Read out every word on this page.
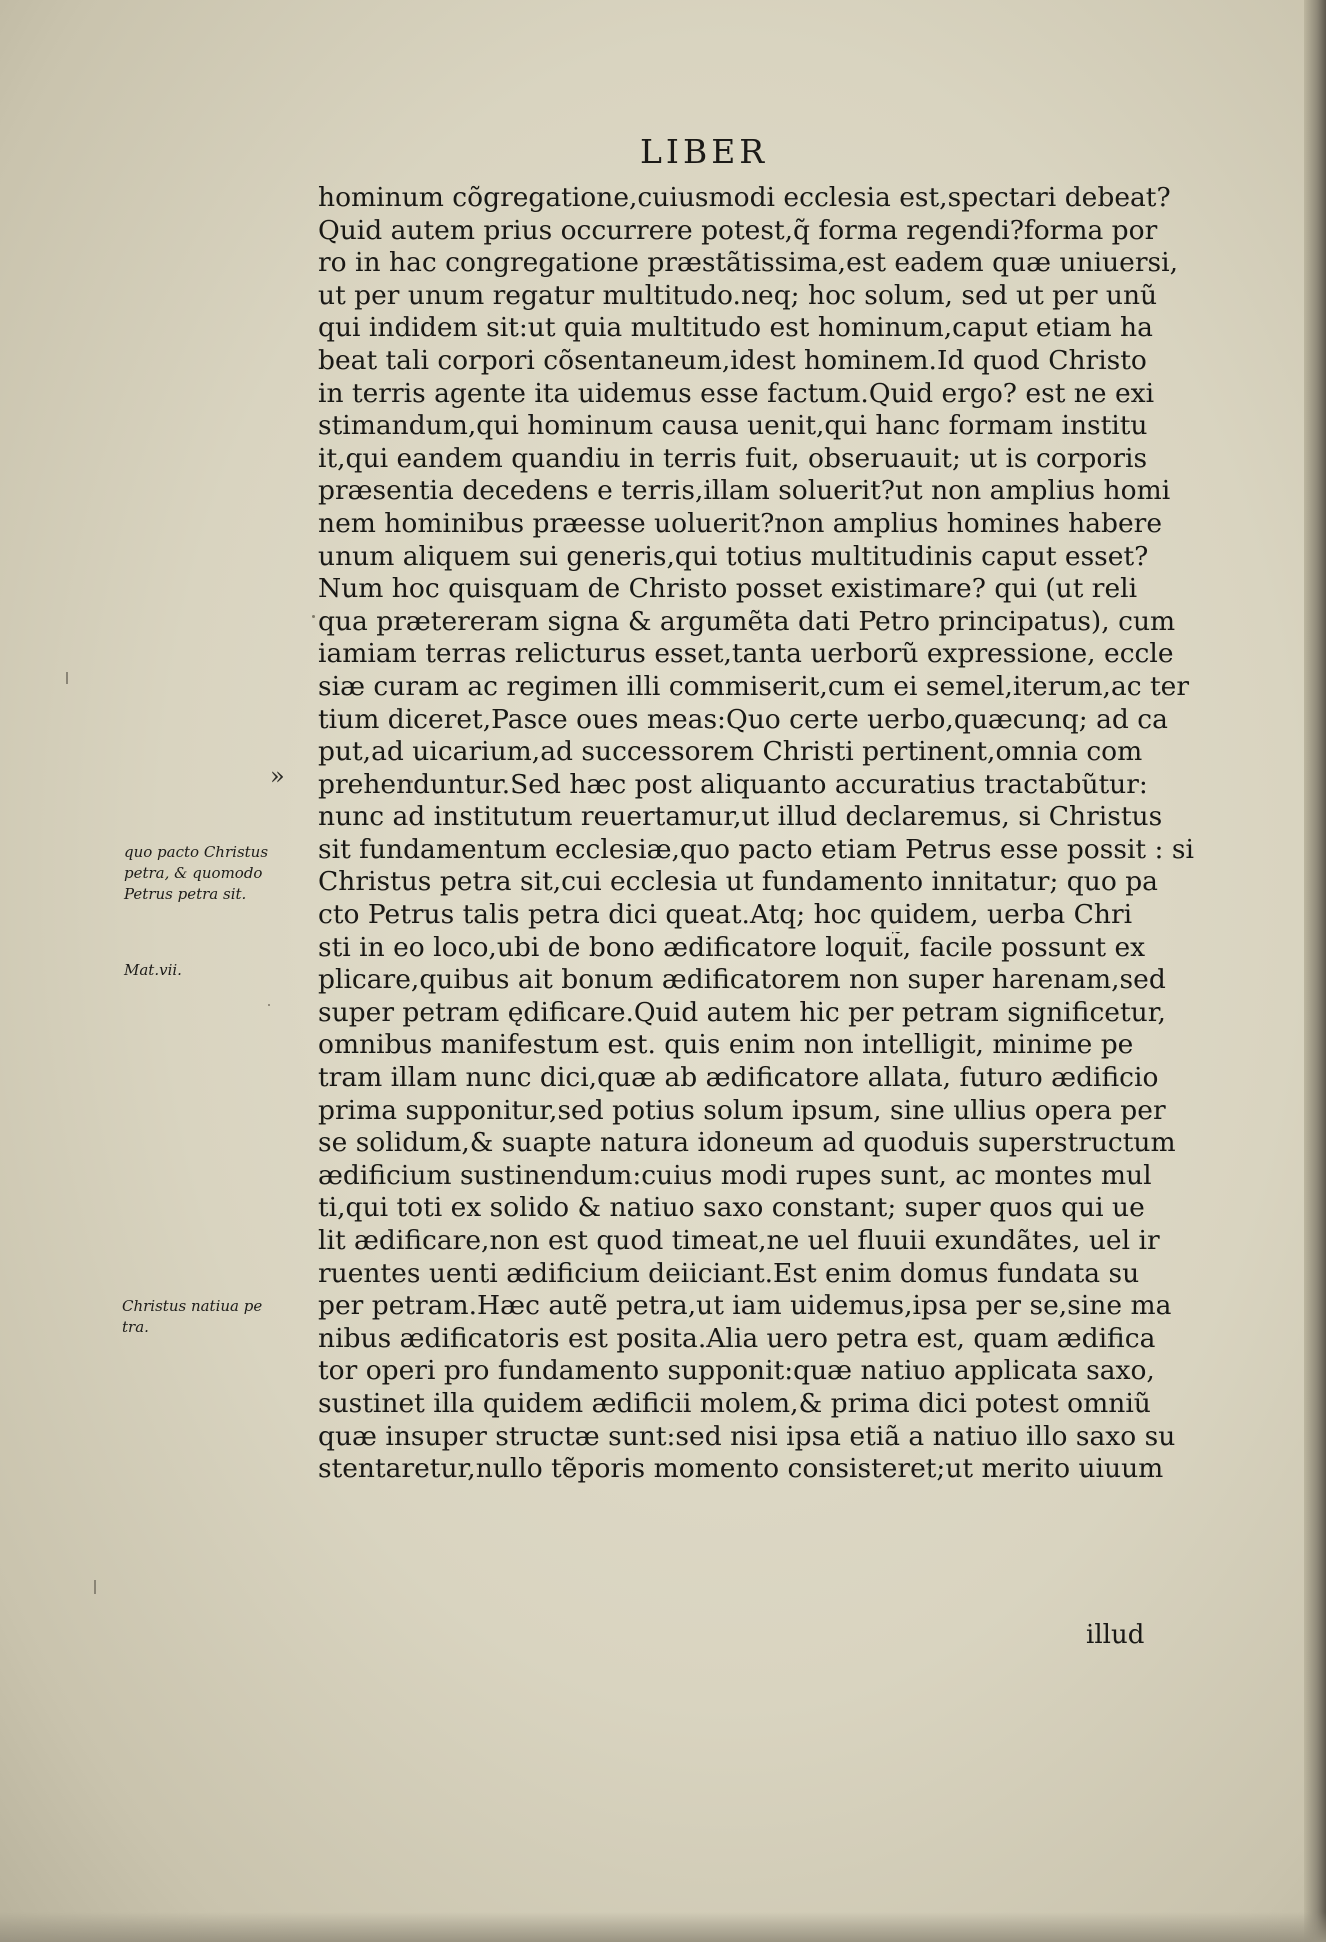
LIBER
»
quo pacto Christus
petra, & quomodo
Petrus petra sit.
Mat.vii.
Christus natiua pe
tra.
hominum cõgregatione,cuiusmodi ecclesia est,spectari debeat?
Quid autem prius occurrere potest,q̃ forma regendi?forma por
ro in hac congregatione præstãtissima,est eadem quæ uniuersi,
ut per unum regatur multitudo.neq; hoc solum, sed ut per unũ
qui indidem sit:ut quia multitudo est hominum,caput etiam ha
beat tali corpori cõsentaneum,idest hominem.Id quod Christo
in terris agente ita uidemus esse factum.Quid ergo? est ne exi
stimandum,qui hominum causa uenit,qui hanc formam institu
it,qui eandem quandiu in terris fuit, obseruauit; ut is corporis
præsentia decedens e terris,illam soluerit?ut non amplius homi
nem hominibus præesse uoluerit?non amplius homines habere
unum aliquem sui generis,qui totius multitudinis caput esset?
Num hoc quisquam de Christo posset existimare? qui (ut reli
qua prætereram signa & argumẽta dati Petro principatus), cum
iamiam terras relicturus esset,tanta uerborũ expressione, eccle
siæ curam ac regimen illi commiserit,cum ei semel,iterum,ac ter
tium diceret,Pasce oues meas:Quo certe uerbo,quæcunq; ad ca
put,ad uicarium,ad successorem Christi pertinent,omnia com
prehenduntur.Sed hæc post aliquanto accuratius tractabũtur:
nunc ad institutum reuertamur,ut illud declaremus, si Christus
sit fundamentum ecclesiæ,quo pacto etiam Petrus esse possit : si
Christus petra sit,cui ecclesia ut fundamento innitatur; quo pa
cto Petrus talis petra dici queat.Atq; hoc quidem, uerba Chri
sti in eo loco,ubi de bono ædificatore loquit̃, facile possunt ex
plicare,quibus ait bonum ædificatorem non super harenam,sed
super petram ędificare.Quid autem hic per petram significetur,
omnibus manifestum est. quis enim non intelligit, minime pe
tram illam nunc dici,quæ ab ædificatore allata, futuro ædificio
prima supponitur,sed potius solum ipsum, sine ullius opera per
se solidum,& suapte natura idoneum ad quoduis superstructum
ædificium sustinendum:cuius modi rupes sunt, ac montes mul
ti,qui toti ex solido & natiuo saxo constant; super quos qui ue
lit ædificare,non est quod timeat,ne uel fluuii exundãtes, uel ir
ruentes uenti ædificium deiiciant.Est enim domus fundata su
per petram.Hæc autẽ petra,ut iam uidemus,ipsa per se,sine ma
nibus ædificatoris est posita.Alia uero petra est, quam ædifica
tor operi pro fundamento supponit:quæ natiuo applicata saxo,
sustinet illa quidem ædificii molem,& prima dici potest omniũ
quæ insuper structæ sunt:sed nisi ipsa etiã a natiuo illo saxo su
stentaretur,nullo tẽporis momento consisteret;ut merito uiuum
illud
